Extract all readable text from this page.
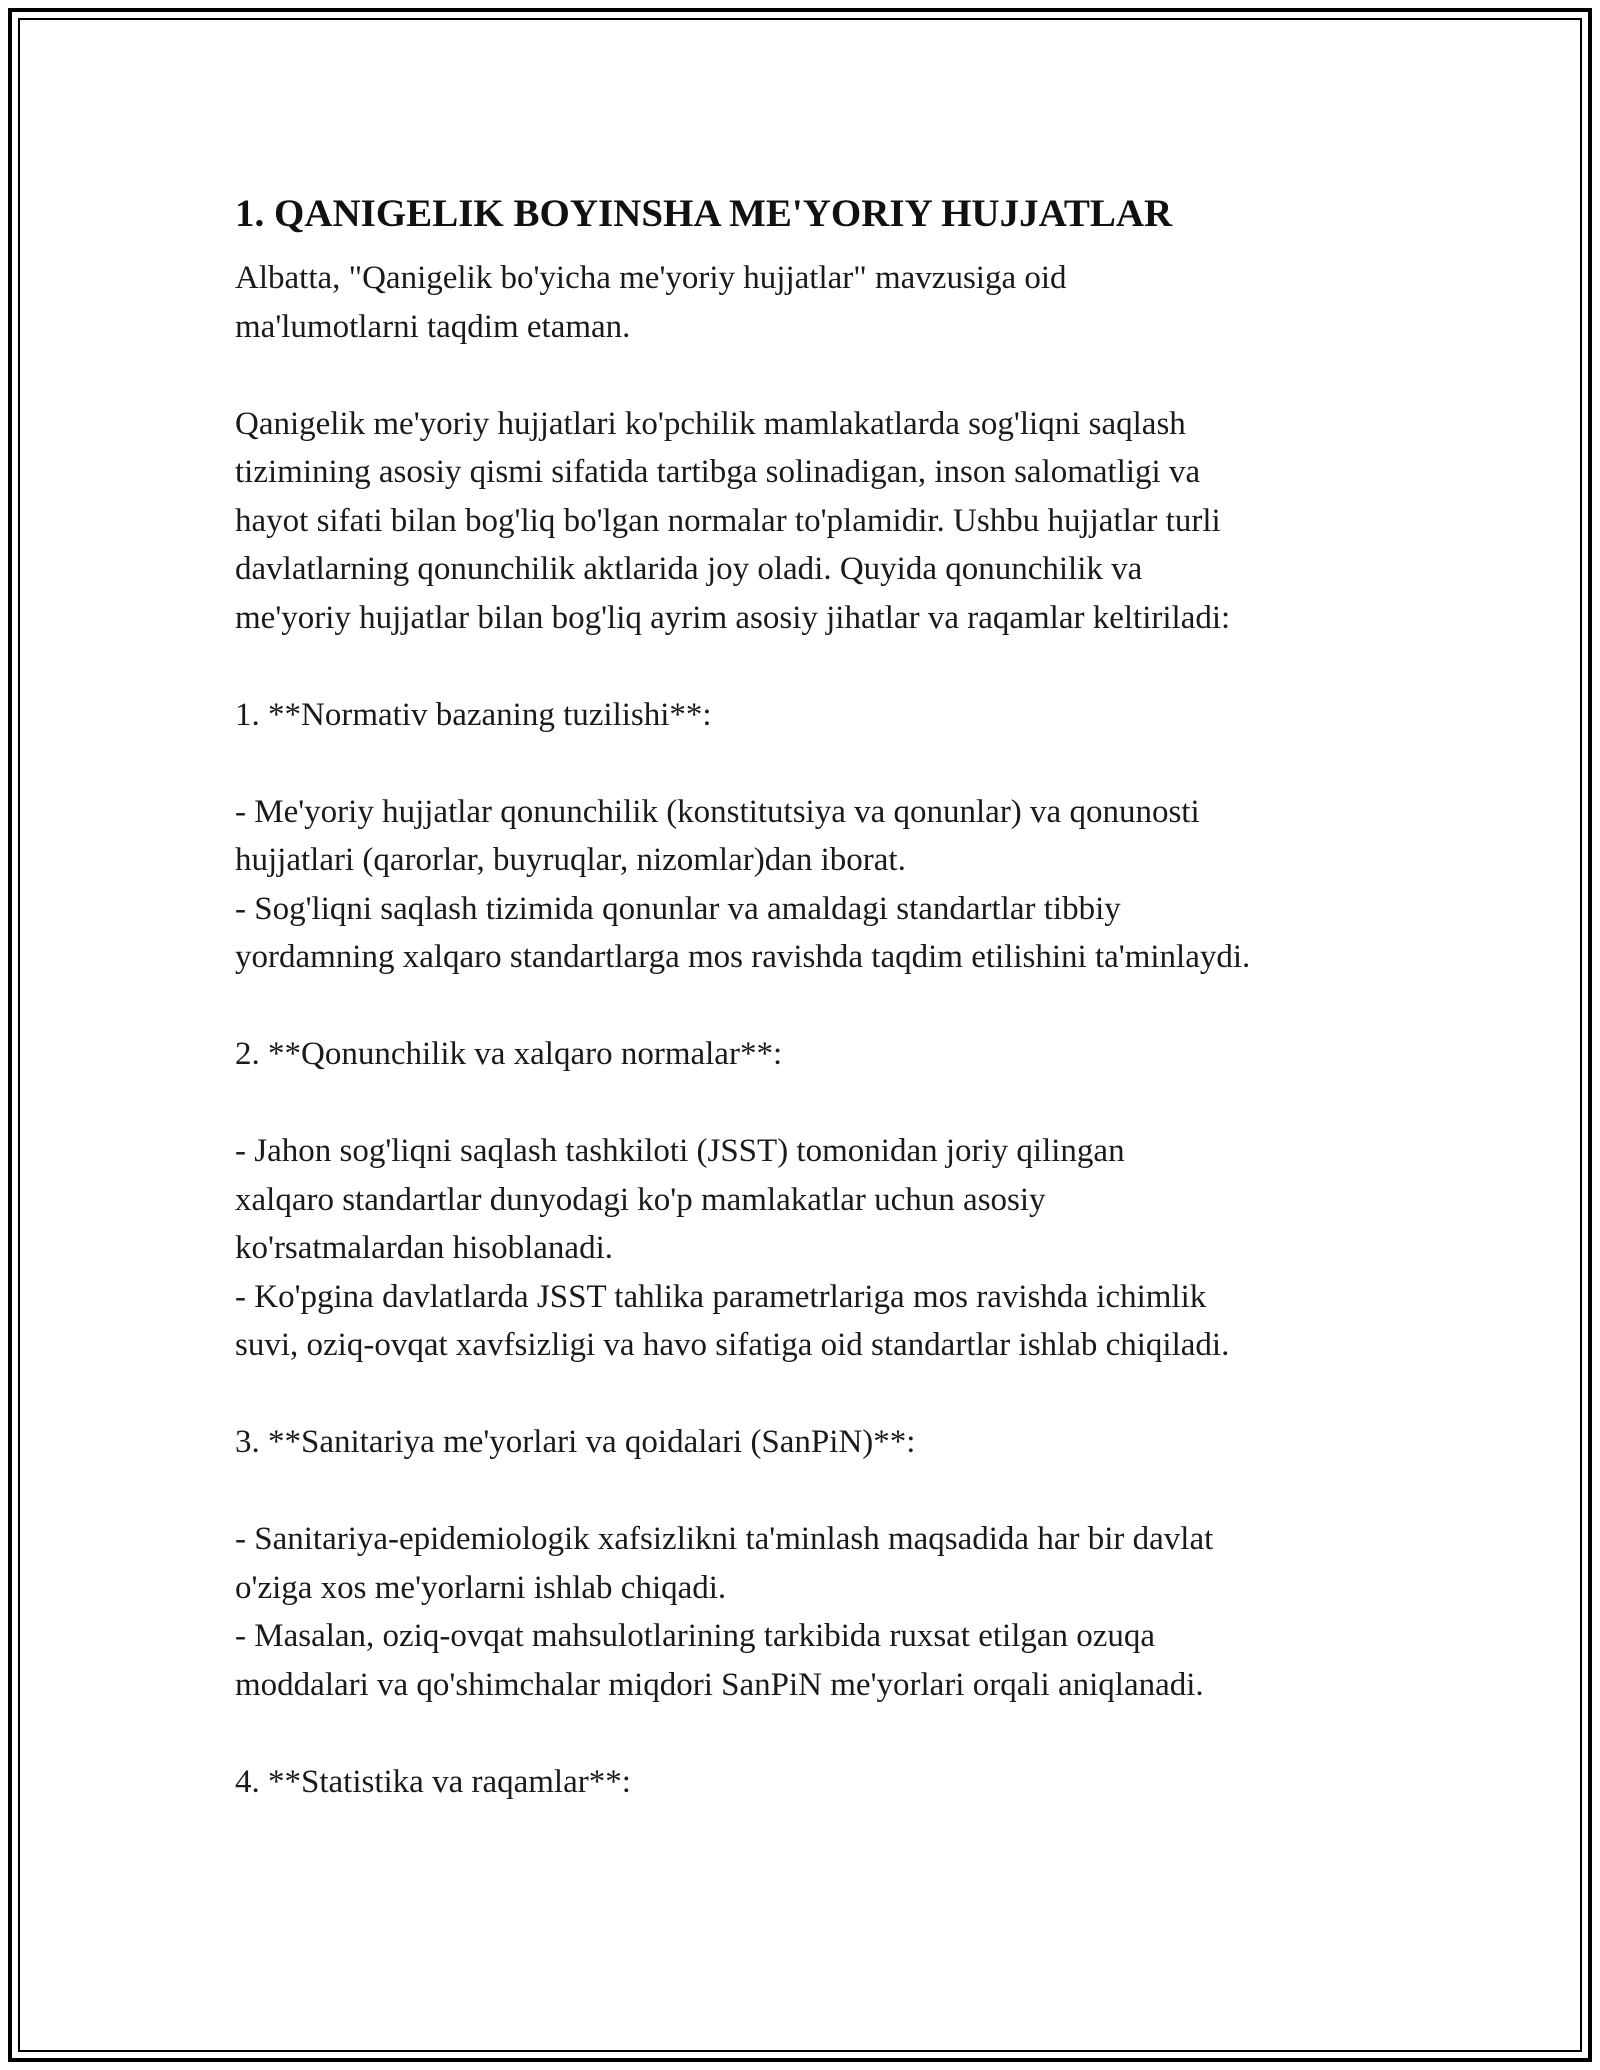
1. QANIGELIK BOYINSHA ME'YORIY HUJJATLAR

Albatta, "Qanigelik bo'yicha me'yoriy hujjatlar" mavzusiga oid
ma'lumotlarni taqdim etaman.

Qanigelik me'yoriy hujjatlari ko'pchilik mamlakatlarda sog'liqni saqlash
tizimining asosiy qismi sifatida tartibga solinadigan, inson salomatligi va
hayot sifati bilan bog'liq bo'lgan normalar to'plamidir. Ushbu hujjatlar turli
davlatlarning qonunchilik aktlarida joy oladi. Quyida qonunchilik va
me'yoriy hujjatlar bilan bog'liq ayrim asosiy jihatlar va raqamlar keltiriladi:

1. **Normativ bazaning tuzilishi**:

- Me'yoriy hujjatlar qonunchilik (konstitutsiya va qonunlar) va qonunosti
hujjatlari (qarorlar, buyruqlar, nizomlar)dan iborat.
- Sog'liqni saqlash tizimida qonunlar va amaldagi standartlar tibbiy
yordamning xalqaro standartlarga mos ravishda taqdim etilishini ta'minlaydi.

2. **Qonunchilik va xalqaro normalar**:

- Jahon sog'liqni saqlash tashkiloti (JSST) tomonidan joriy qilingan
xalqaro standartlar dunyodagi ko'p mamlakatlar uchun asosiy
ko'rsatmalardan hisoblanadi.
- Ko'pgina davlatlarda JSST tahlika parametrlariga mos ravishda ichimlik
suvi, oziq-ovqat xavfsizligi va havo sifatiga oid standartlar ishlab chiqiladi.

3. **Sanitariya me'yorlari va qoidalari (SanPiN)**:

- Sanitariya-epidemiologik xafsizlikni ta'minlash maqsadida har bir davlat
o'ziga xos me'yorlarni ishlab chiqadi.
- Masalan, oziq-ovqat mahsulotlarining tarkibida ruxsat etilgan ozuqa
moddalari va qo'shimchalar miqdori SanPiN me'yorlari orqali aniqlanadi.

4. **Statistika va raqamlar**:
